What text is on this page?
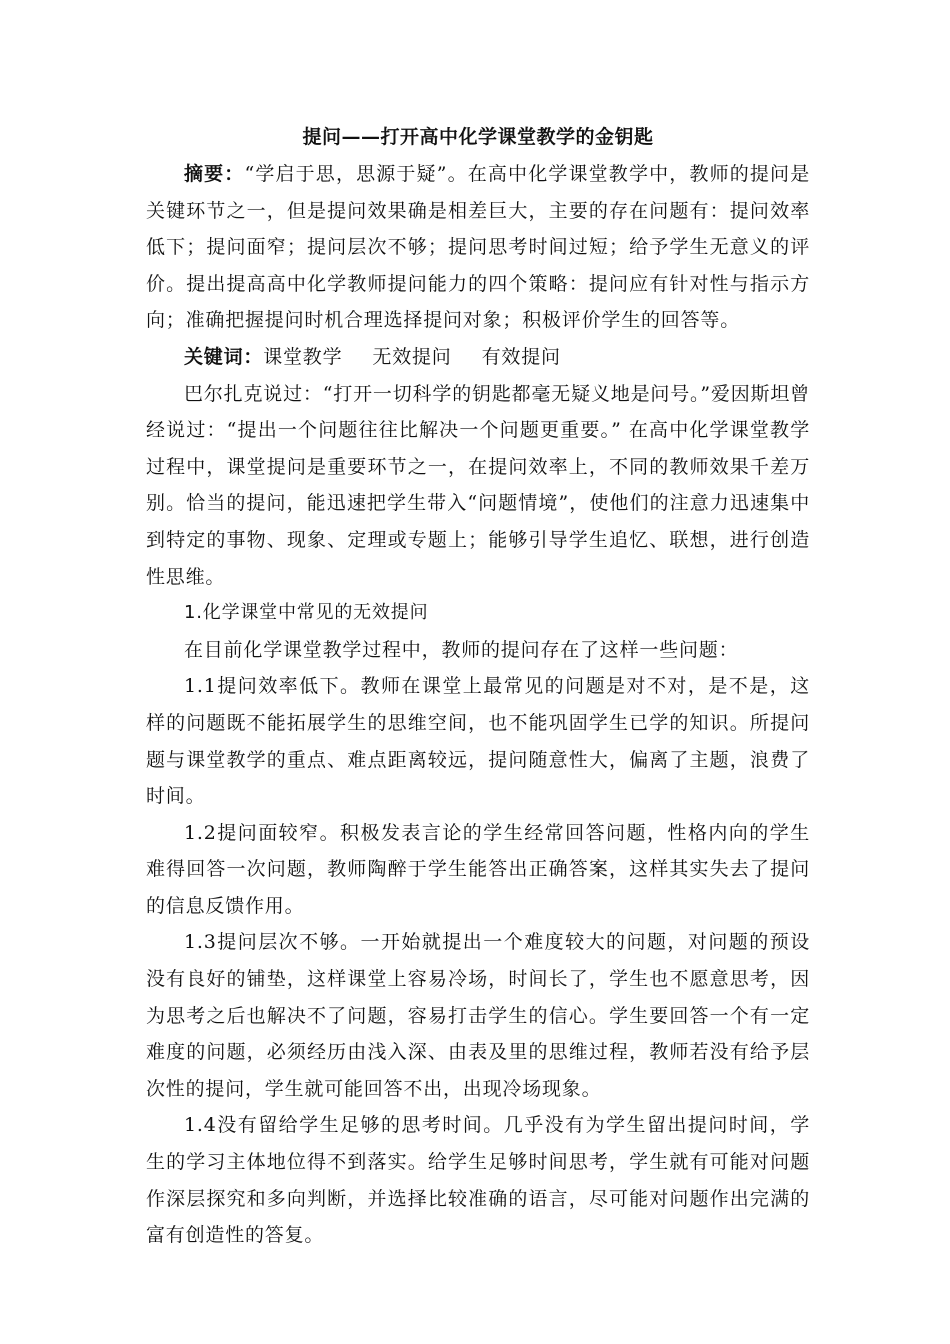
提问——打开高中化学课堂教学的金钥匙

摘要：“学启于思，思源于疑”。在高中化学课堂教学中，教师的提问是关键环节之一，但是提问效果确是相差巨大，主要的存在问题有：提问效率低下；提问面窄；提问层次不够；提问思考时间过短；给予学生无意义的评价。提出提高高中化学教师提问能力的四个策略：提问应有针对性与指示方向；准确把握提问时机合理选择提问对象；积极评价学生的回答等。

关键词：课堂教学 无效提问 有效提问

巴尔扎克说过：“打开一切科学的钥匙都毫无疑义地是问号。”爱因斯坦曾经说过：“提出一个问题往往比解决一个问题更重要。” 在高中化学课堂教学过程中，课堂提问是重要环节之一，在提问效率上，不同的教师效果千差万别。恰当的提问，能迅速把学生带入“问题情境”，使他们的注意力迅速集中到特定的事物、现象、定理或专题上；能够引导学生追忆、联想，进行创造性思维。

1.化学课堂中常见的无效提问

在目前化学课堂教学过程中，教师的提问存在了这样一些问题：

1.1提问效率低下。教师在课堂上最常见的问题是对不对，是不是，这样的问题既不能拓展学生的思维空间，也不能巩固学生已学的知识。所提问题与课堂教学的重点、难点距离较远，提问随意性大，偏离了主题，浪费了时间。

1.2提问面较窄。积极发表言论的学生经常回答问题，性格内向的学生难得回答一次问题，教师陶醉于学生能答出正确答案，这样其实失去了提问的信息反馈作用。

1.3提问层次不够。一开始就提出一个难度较大的问题，对问题的预设没有良好的铺垫，这样课堂上容易冷场，时间长了，学生也不愿意思考，因为思考之后也解决不了问题，容易打击学生的信心。学生要回答一个有一定难度的问题，必须经历由浅入深、由表及里的思维过程，教师若没有给予层次性的提问，学生就可能回答不出，出现冷场现象。

1.4没有留给学生足够的思考时间。几乎没有为学生留出提问时间，学生的学习主体地位得不到落实。给学生足够时间思考，学生就有可能对问题作深层探究和多向判断，并选择比较准确的语言，尽可能对问题作出完满的富有创造性的答复。
